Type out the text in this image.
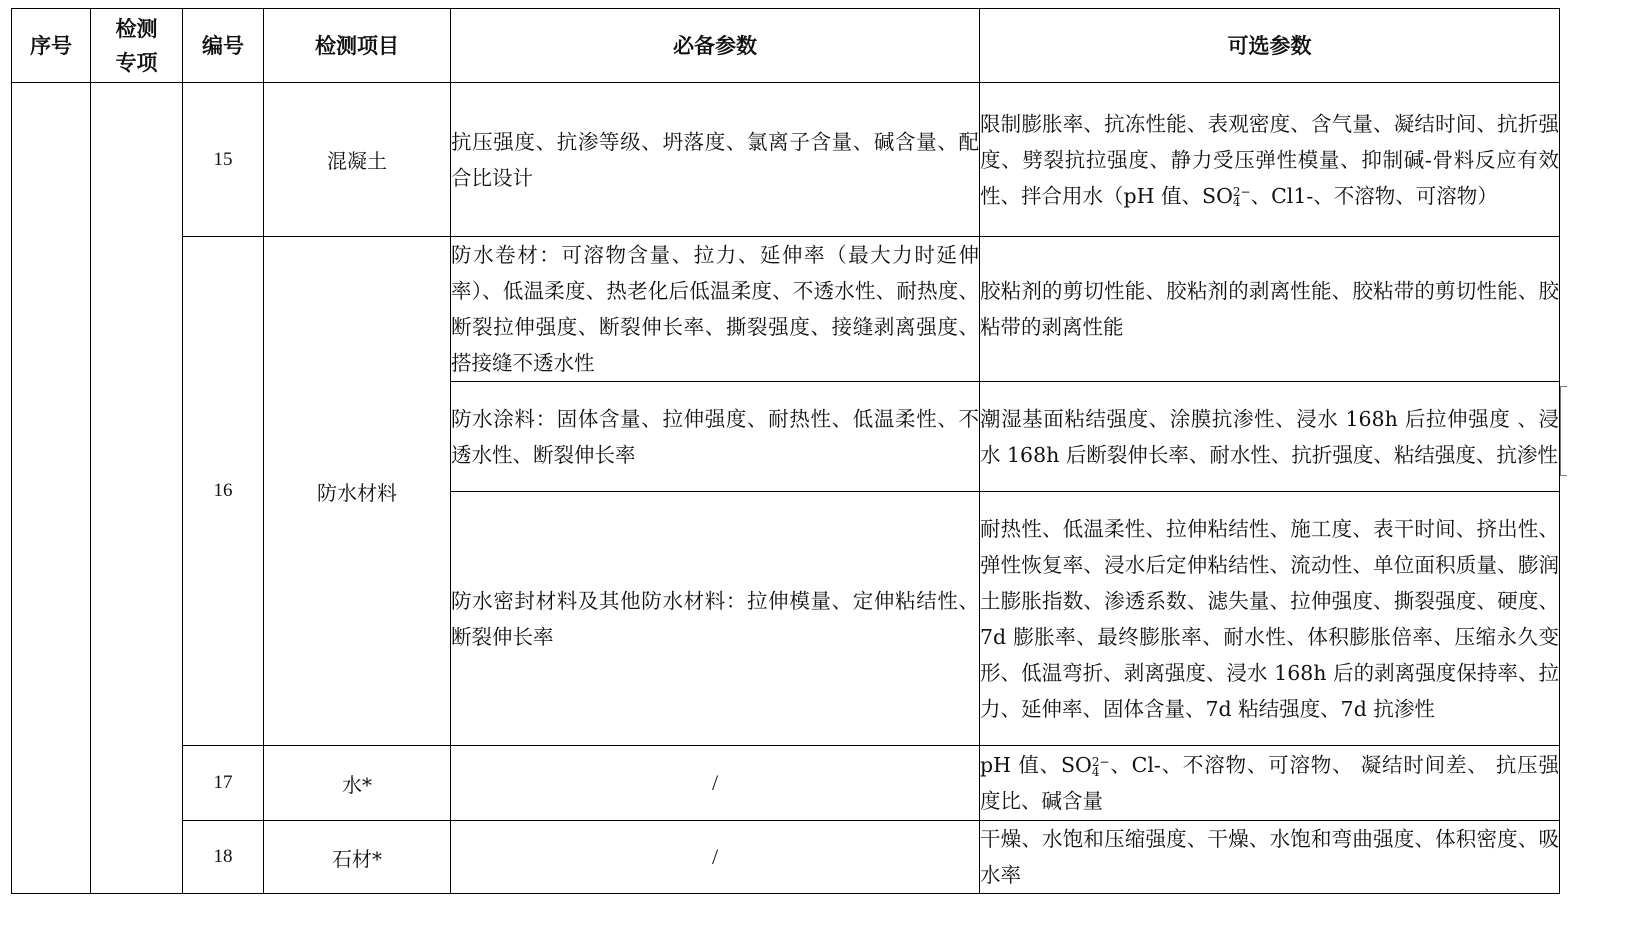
序号	检测专项	编号	检测项目	必备参数	可选参数
		15	混凝土	抗压强度、抗渗等级、坍落度、氯离子含量、碱含量、配合比设计	限制膨胀率、抗冻性能、表观密度、含气量、凝结时间、抗折强度、劈裂抗拉强度、静力受压弹性模量、抑制碱-骨料反应有效性、拌合用水（pH 值、SO 2−
4 、Cl1-、不溶物、可溶物）
		16	防水材料	防水卷材：可溶物含量、拉力、延伸率（最大力时延伸率）、低温柔度、热老化后低温柔度、不透水性、耐热度、断裂拉伸强度、断裂伸长率、撕裂强度、接缝剥离强度、搭接缝不透水性	胶粘剂的剪切性能、胶粘剂的剥离性能、胶粘带的剪切性能、胶粘带的剥离性能
				防水涂料：固体含量、拉伸强度、耐热性、低温柔性、不透水性、断裂伸长率	潮湿基面粘结强度、涂膜抗渗性、浸水 168h 后拉伸强度 、浸水 168h 后断裂伸长率、耐水性、抗折强度、粘结强度、抗渗性
				防水密封材料及其他防水材料：拉伸模量、定伸粘结性、断裂伸长率	耐热性、低温柔性、拉伸粘结性、施工度、表干时间、挤出性、弹性恢复率、浸水后定伸粘结性、流动性、单位面积质量、膨润土膨胀指数、渗透系数、滤失量、拉伸强度、撕裂强度、硬度、7d 膨胀率、最终膨胀率、耐水性、体积膨胀倍率、压缩永久变形、低温弯折、剥离强度、浸水 168h 后的剥离强度保持率、拉力、延伸率、固体含量、7d 粘结强度、7d 抗渗性
		17	水*	/	pH 值、SO 2−
4 、Cl-、不溶物、可溶物、 凝结时间差、 抗压强度比、碱含量
		18	石材*	/	干燥、水饱和压缩强度、干燥、水饱和弯曲强度、体积密度、吸水率
